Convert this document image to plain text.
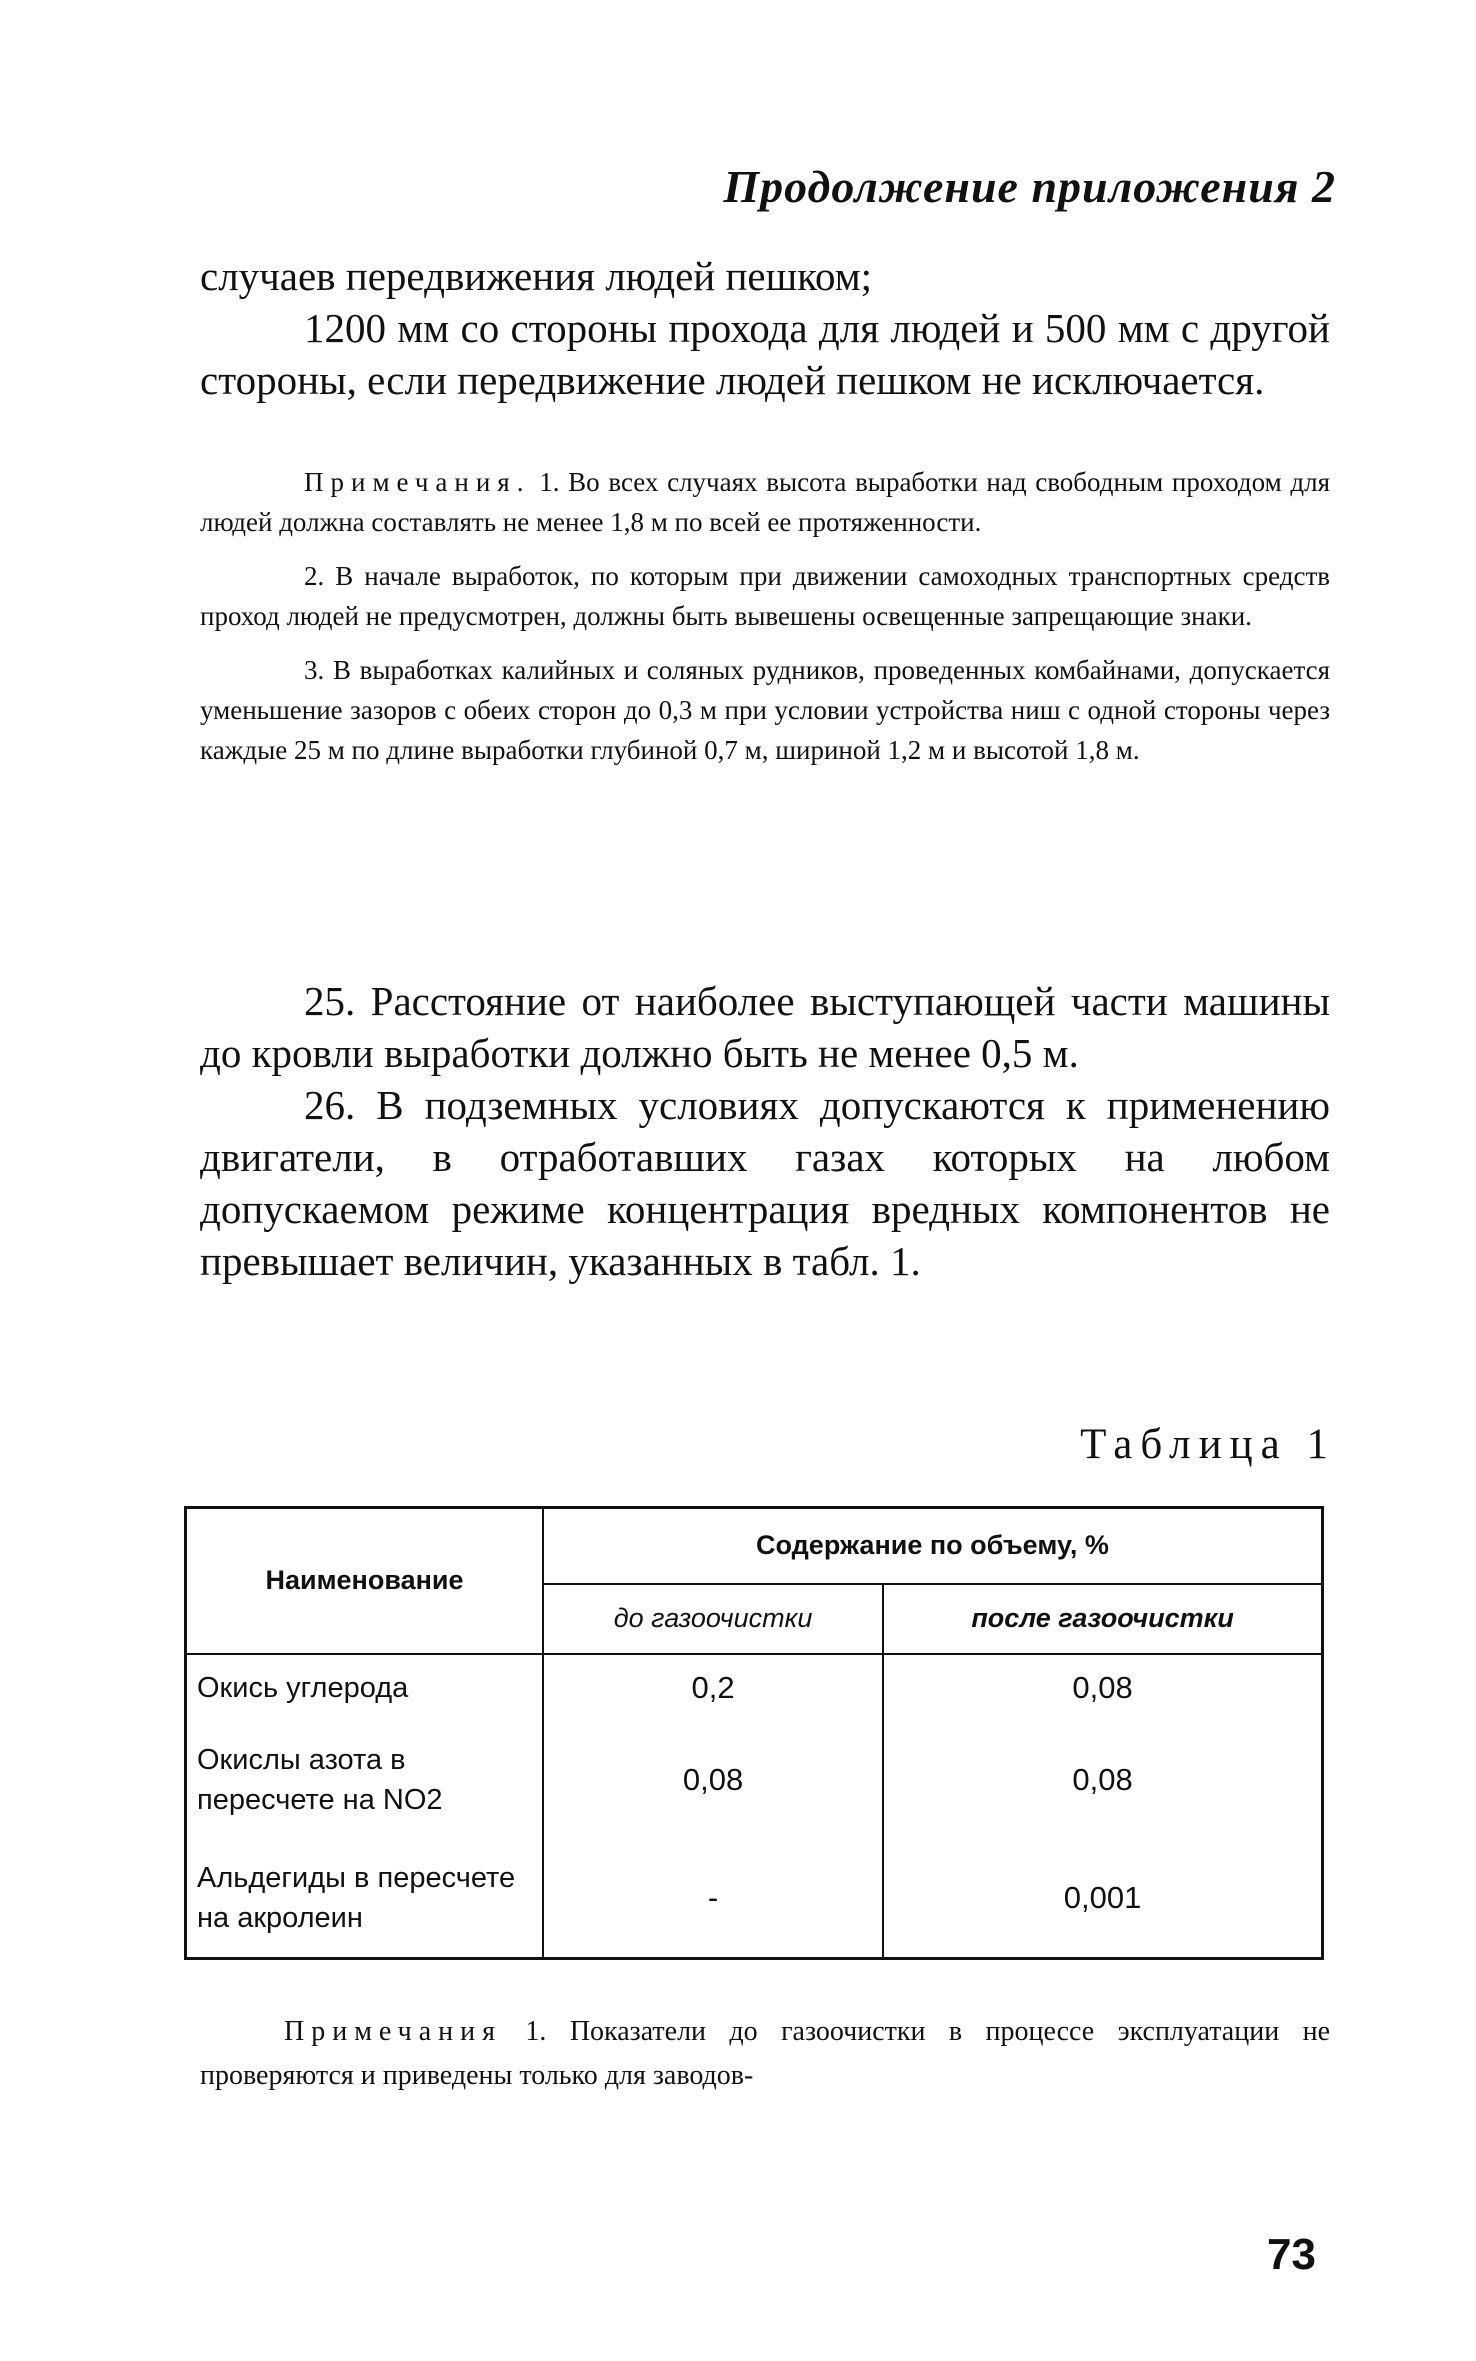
Продолжение приложения 2

случаев передвижения людей пешком;

1200 мм со стороны прохода для людей и 500 мм с другой стороны, если передвижение людей пешком не исключается.

Примечания. 1. Во всех случаях высота выработки над свободным проходом для людей должна составлять не менее 1,8 м по всей ее протяженности.

2. В начале выработок, по которым при движении самоходных транспортных средств проход людей не предусмотрен, должны быть вывешены освещенные запрещающие знаки.

3. В выработках калийных и соляных рудников, проведенных комбайнами, допускается уменьшение зазоров с обеих сторон до 0,3 м при условии устройства ниш с одной стороны через каждые 25 м по длине выработки глубиной 0,7 м, шириной 1,2 м и высотой 1,8 м.

25. Расстояние от наиболее выступающей части машины до кровли выработки должно быть не менее 0,5 м.

26. В подземных условиях допускаются к применению двигатели, в отработавших газах которых на любом допускаемом режиме концентрация вредных компонентов не превышает величин, указанных в табл. 1.

Таблица 1
Наименование	Содержание по объему, %	
	до газоочистки	после газоочистки
Окись углерода	0,2	0,08
Окислы азота в пересчете на NO2	0,08	0,08
Альдегиды в пересчете на акролеин	-	0,001
Примечания 1. Показатели до газоочистки в процессе эксплуатации не проверяются и приведены только для заводов-
73
